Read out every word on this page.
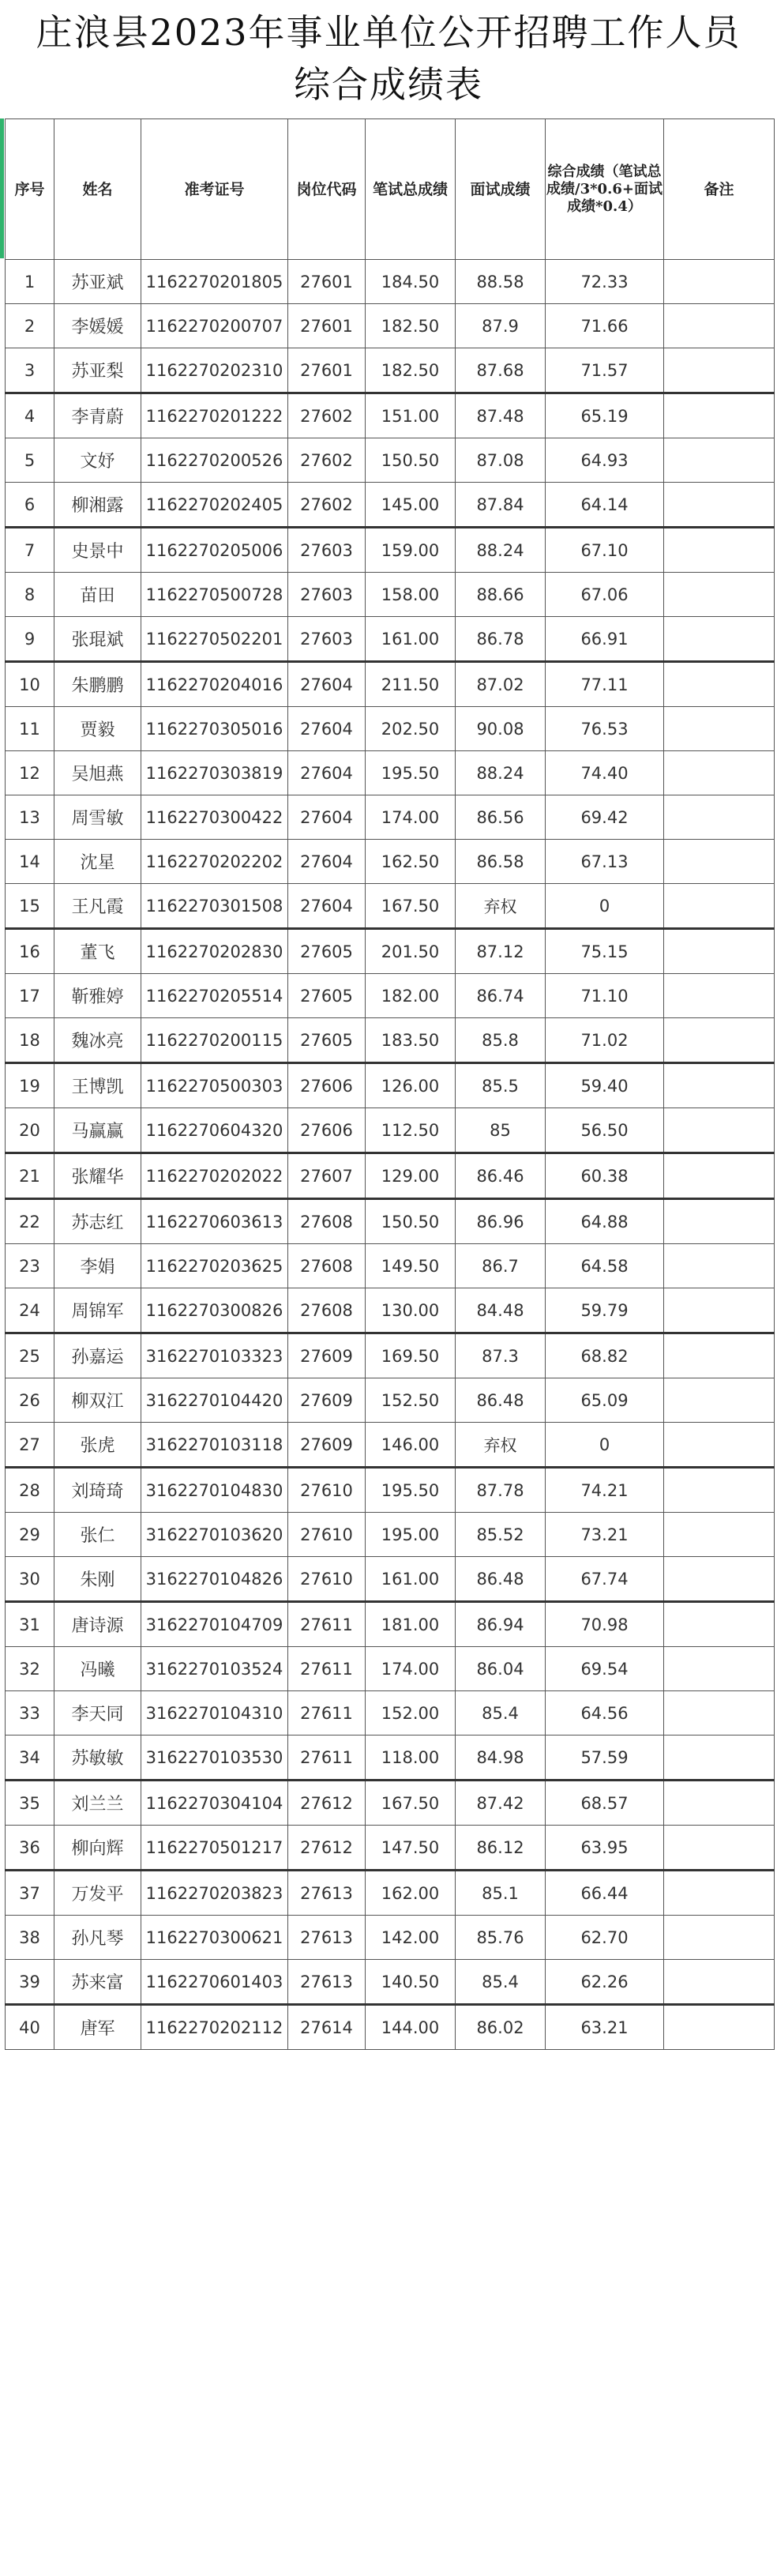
庄浪县2023年事业单位公开招聘工作人员
综合成绩表
序号	姓名	准考证号	岗位代码	笔试总成绩	面试成绩	综合成绩（笔试总成绩/3*0.6+面试成绩*0.4）	备注
1	苏亚斌	1162270201805	27601	184.50	88.58	72.33	
2	李媛媛	1162270200707	27601	182.50	87.9	71.66	
3	苏亚梨	1162270202310	27601	182.50	87.68	71.57	
4	李青蔚	1162270201222	27602	151.00	87.48	65.19	
5	文妤	1162270200526	27602	150.50	87.08	64.93	
6	柳湘露	1162270202405	27602	145.00	87.84	64.14	
7	史景中	1162270205006	27603	159.00	88.24	67.10	
8	苗田	1162270500728	27603	158.00	88.66	67.06	
9	张琨斌	1162270502201	27603	161.00	86.78	66.91	
10	朱鹏鹏	1162270204016	27604	211.50	87.02	77.11	
11	贾毅	1162270305016	27604	202.50	90.08	76.53	
12	吴旭燕	1162270303819	27604	195.50	88.24	74.40	
13	周雪敏	1162270300422	27604	174.00	86.56	69.42	
14	沈星	1162270202202	27604	162.50	86.58	67.13	
15	王凡霞	1162270301508	27604	167.50	弃权	0	
16	董飞	1162270202830	27605	201.50	87.12	75.15	
17	靳雅婷	1162270205514	27605	182.00	86.74	71.10	
18	魏冰亮	1162270200115	27605	183.50	85.8	71.02	
19	王博凯	1162270500303	27606	126.00	85.5	59.40	
20	马赢赢	1162270604320	27606	112.50	85	56.50	
21	张耀华	1162270202022	27607	129.00	86.46	60.38	
22	苏志红	1162270603613	27608	150.50	86.96	64.88	
23	李娟	1162270203625	27608	149.50	86.7	64.58	
24	周锦军	1162270300826	27608	130.00	84.48	59.79	
25	孙嘉运	3162270103323	27609	169.50	87.3	68.82	
26	柳双江	3162270104420	27609	152.50	86.48	65.09	
27	张虎	3162270103118	27609	146.00	弃权	0	
28	刘琦琦	3162270104830	27610	195.50	87.78	74.21	
29	张仁	3162270103620	27610	195.00	85.52	73.21	
30	朱刚	3162270104826	27610	161.00	86.48	67.74	
31	唐诗源	3162270104709	27611	181.00	86.94	70.98	
32	冯曦	3162270103524	27611	174.00	86.04	69.54	
33	李天同	3162270104310	27611	152.00	85.4	64.56	
34	苏敏敏	3162270103530	27611	118.00	84.98	57.59	
35	刘兰兰	1162270304104	27612	167.50	87.42	68.57	
36	柳向辉	1162270501217	27612	147.50	86.12	63.95	
37	万发平	1162270203823	27613	162.00	85.1	66.44	
38	孙凡琴	1162270300621	27613	142.00	85.76	62.70	
39	苏来富	1162270601403	27613	140.50	85.4	62.26	
40	唐军	1162270202112	27614	144.00	86.02	63.21	
